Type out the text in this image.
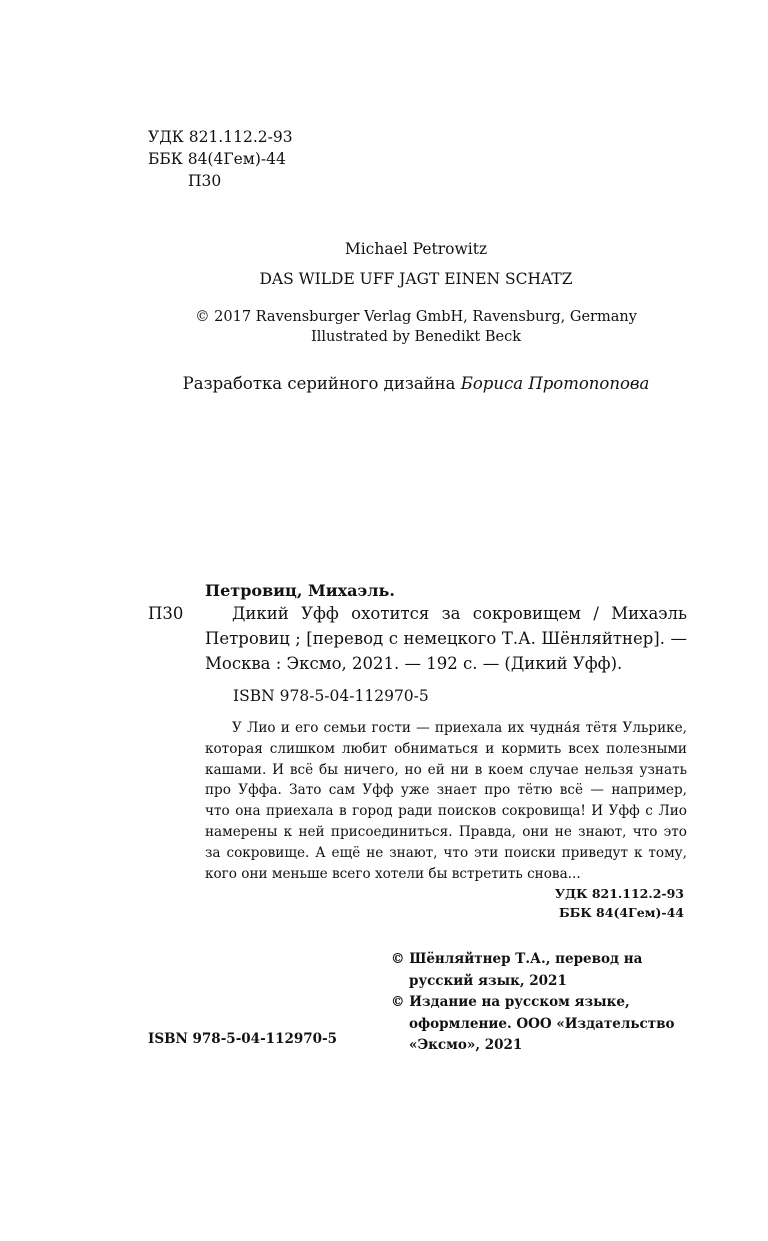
УДК 821.112.2-93
ББК 84(4Гем)-44
П30
Michael Petrowitz
DAS WILDE UFF JAGT EINEN SCHATZ
© 2017 Ravensburger Verlag GmbH, Ravensburg, Germany
Illustrated by Benedikt Beck
Разработка серийного дизайна Бориса Протопопова
Петровиц, Михаэль.
П30	Дикий Уфф охотится за сокровищем / Михаэль
Петровиц ; [перевод с немецкого Т.А. Шёнляйтнер]. —
Москва : Эксмо, 2021. — 192 с. — (Дикий Уфф).
ISBN 978-5-04-112970-5
У Лио и его семьи гости — приехала их чудна́я тётя Ульрике,
которая слишком любит обниматься и кормить всех полезными
кашами. И всё бы ничего, но ей ни в коем случае нельзя узнать
про Уффа. Зато сам Уфф уже знает про тётю всё — например,
что она приехала в город ради поисков сокровища! И Уфф с Лио
намерены к ней присоединиться. Правда, они не знают, что это
за сокровище. А ещё не знают, что эти поиски приведут к тому,
кого они меньше всего хотели бы встретить снова...
УДК 821.112.2-93
ББК 84(4Гем)-44
© Шёнляйтнер Т.А., перевод на
русский язык, 2021
© Издание на русском языке,
оформление. ООО «Издательство
«Эксмо», 2021
ISBN 978-5-04-112970-5
